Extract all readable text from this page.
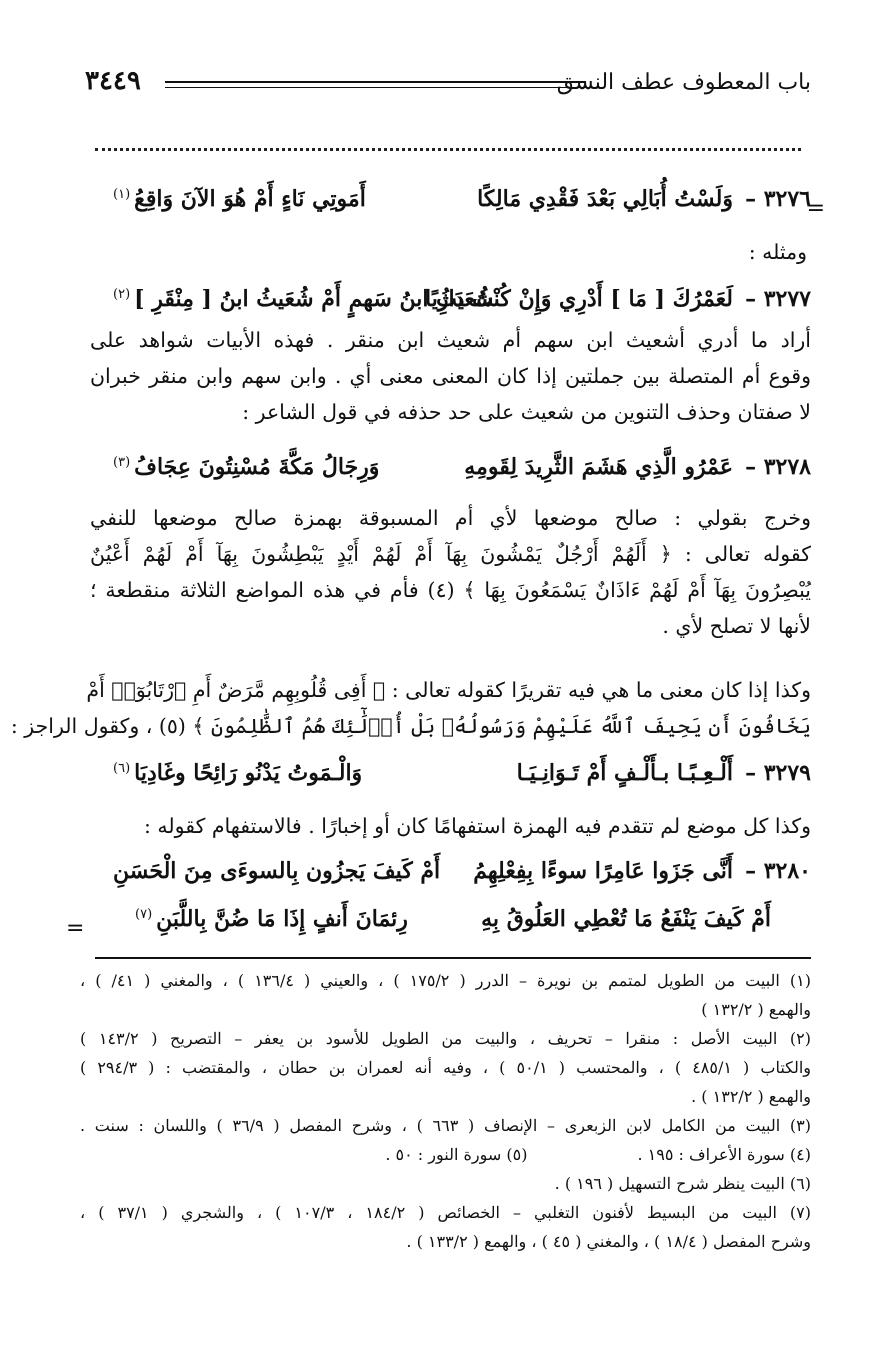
باب المعطوف عطف النسق
٣٤٤٩
=
=
٣٢٧٦ –
وَلَسْتُ أُبَالِي بَعْدَ فَقْدِي مَالِكًا
أَمَوتِي نَاءٍ أَمْ هُوَ الآنَ وَاقِعُ$^{(١)}$
ومثله :
٣٢٧٧ –
لَعَمْرُكَ [ مَا ] أَدْرِي وَإِنْ كُنْتُ دَارِيًا
شُعَيثُ ابنُ سَهمٍ أَمْ شُعَيثُ ابنُ [ مِنْقَرِ ]$^{(٢)}$
أراد ما أدري أشعيث ابن سهم أم شعيث ابن منقر . فهذه الأبيات شواهد على
وقوع أم المتصلة بين جملتين إذا كان المعنى معنى أي . وابن سهم وابن منقر خبران
لا صفتان وحذف التنوين من شعيث على حد حذفه في قول الشاعر :
٣٢٧٨ –
عَمْرُو الَّذِي هَشَمَ الثَّرِيدَ لِقَومِهِ
وَرِجَالُ مَكَّةَ مُسْنِتُونَ عِجَافُ$^{(٣)}$
وخرج بقولي : صالح موضعها لأي أم المسبوقة بهمزة صالح موضعها للنفي
كقوله تعالى : ﴿ أَلَهُمْ أَرْجُلٌ يَمْشُونَ بِهَآ أَمْ لَهُمْ أَيْدٍ يَبْطِشُونَ بِهَآ أَمْ لَهُمْ أَعْيُنٌ
يُبْصِرُونَ بِهَآ أَمْ لَهُمْ ءَاذَانٌ يَسْمَعُونَ بِهَا ﴾ (٤) فأم في هذه المواضع الثلاثة منقطعة ؛
لأنها لا تصلح لأي .
وكذا إذا كان معنى ما هي فيه تقريرًا كقوله تعالى : ﴿ أَفِى قُلُوبِهِم مَّرَضٌ أَمِ ٱرْتَابُوٓا۟ أَمْ
يَخَافُونَ أَن يَحِيفَ ٱللَّهُ عَلَيْهِمْ وَرَسُولُهُۥ بَلْ أُو۟لَٰٓئِكَ هُمُ ٱلظَّٰلِمُونَ ﴾ (٥) ، وكقول الراجز :
٣٢٧٩ –
أَلْـعِـبًـا بـأَلْـفٍ أَمْ تَـوَانِـيَـا
وَالْـمَوتُ يَدْنُو رَائِحًا وغَادِيَا$^{(٦)}$
وكذا كل موضع لم تتقدم فيه الهمزة استفهامًا كان أو إخبارًا . فالاستفهام كقوله :
٣٢٨٠ –
أَنَّى جَزَوا عَامِرًا سوءًا بِفِعْلِهِمُ
أَمْ كَيفَ يَجزُون بِالسوءَى مِنَ الْحَسَنِ
أَمْ كَيفَ يَنْفَعُ مَا تُعْطِي العَلُوقُ بِهِ
رِئمَانَ أَنفٍ إِذَا مَا ضُنَّ بِاللَّبَنِ$^{(٧)}$
(١) البيت من الطويل لمتمم بن نويرة – الدرر ( ١٧٥/٢ ) ، والعيني ( ١٣٦/٤ ) ، والمغني ( ٤١/ ) ،
والهمع ( ١٣٢/٢ )
(٢) البيت الأصل : منقرا – تحريف ، والبيت من الطويل للأسود بن يعفر – التصريح ( ١٤٣/٢ )
والكتاب ( ٤٨٥/١ ) ، والمحتسب ( ٥٠/١ ) ، وفيه أنه لعمران بن حطان ، والمقتضب : ( ٢٩٤/٣ )
والهمع ( ١٣٢/٢ ) .
(٣) البيت من الكامل لابن الزبعرى – الإنصاف ( ٦٦٣ ) ، وشرح المفصل ( ٣٦/٩ ) واللسان : سنت .
(٤) سورة الأعراف : ١٩٥ .(٥) سورة النور : ٥٠ .
(٦) البيت ينظر شرح التسهيل ( ١٩٦ ) .
(٧) البيت من البسيط لأفنون التغلبي – الخصائص ( ١٨٤/٢ ، ١٠٧/٣ ) ، والشجري ( ٣٧/١ ) ،
وشرح المفصل ( ١٨/٤ ) ، والمغني ( ٤٥ ) ، والهمع ( ١٣٣/٢ ) .
